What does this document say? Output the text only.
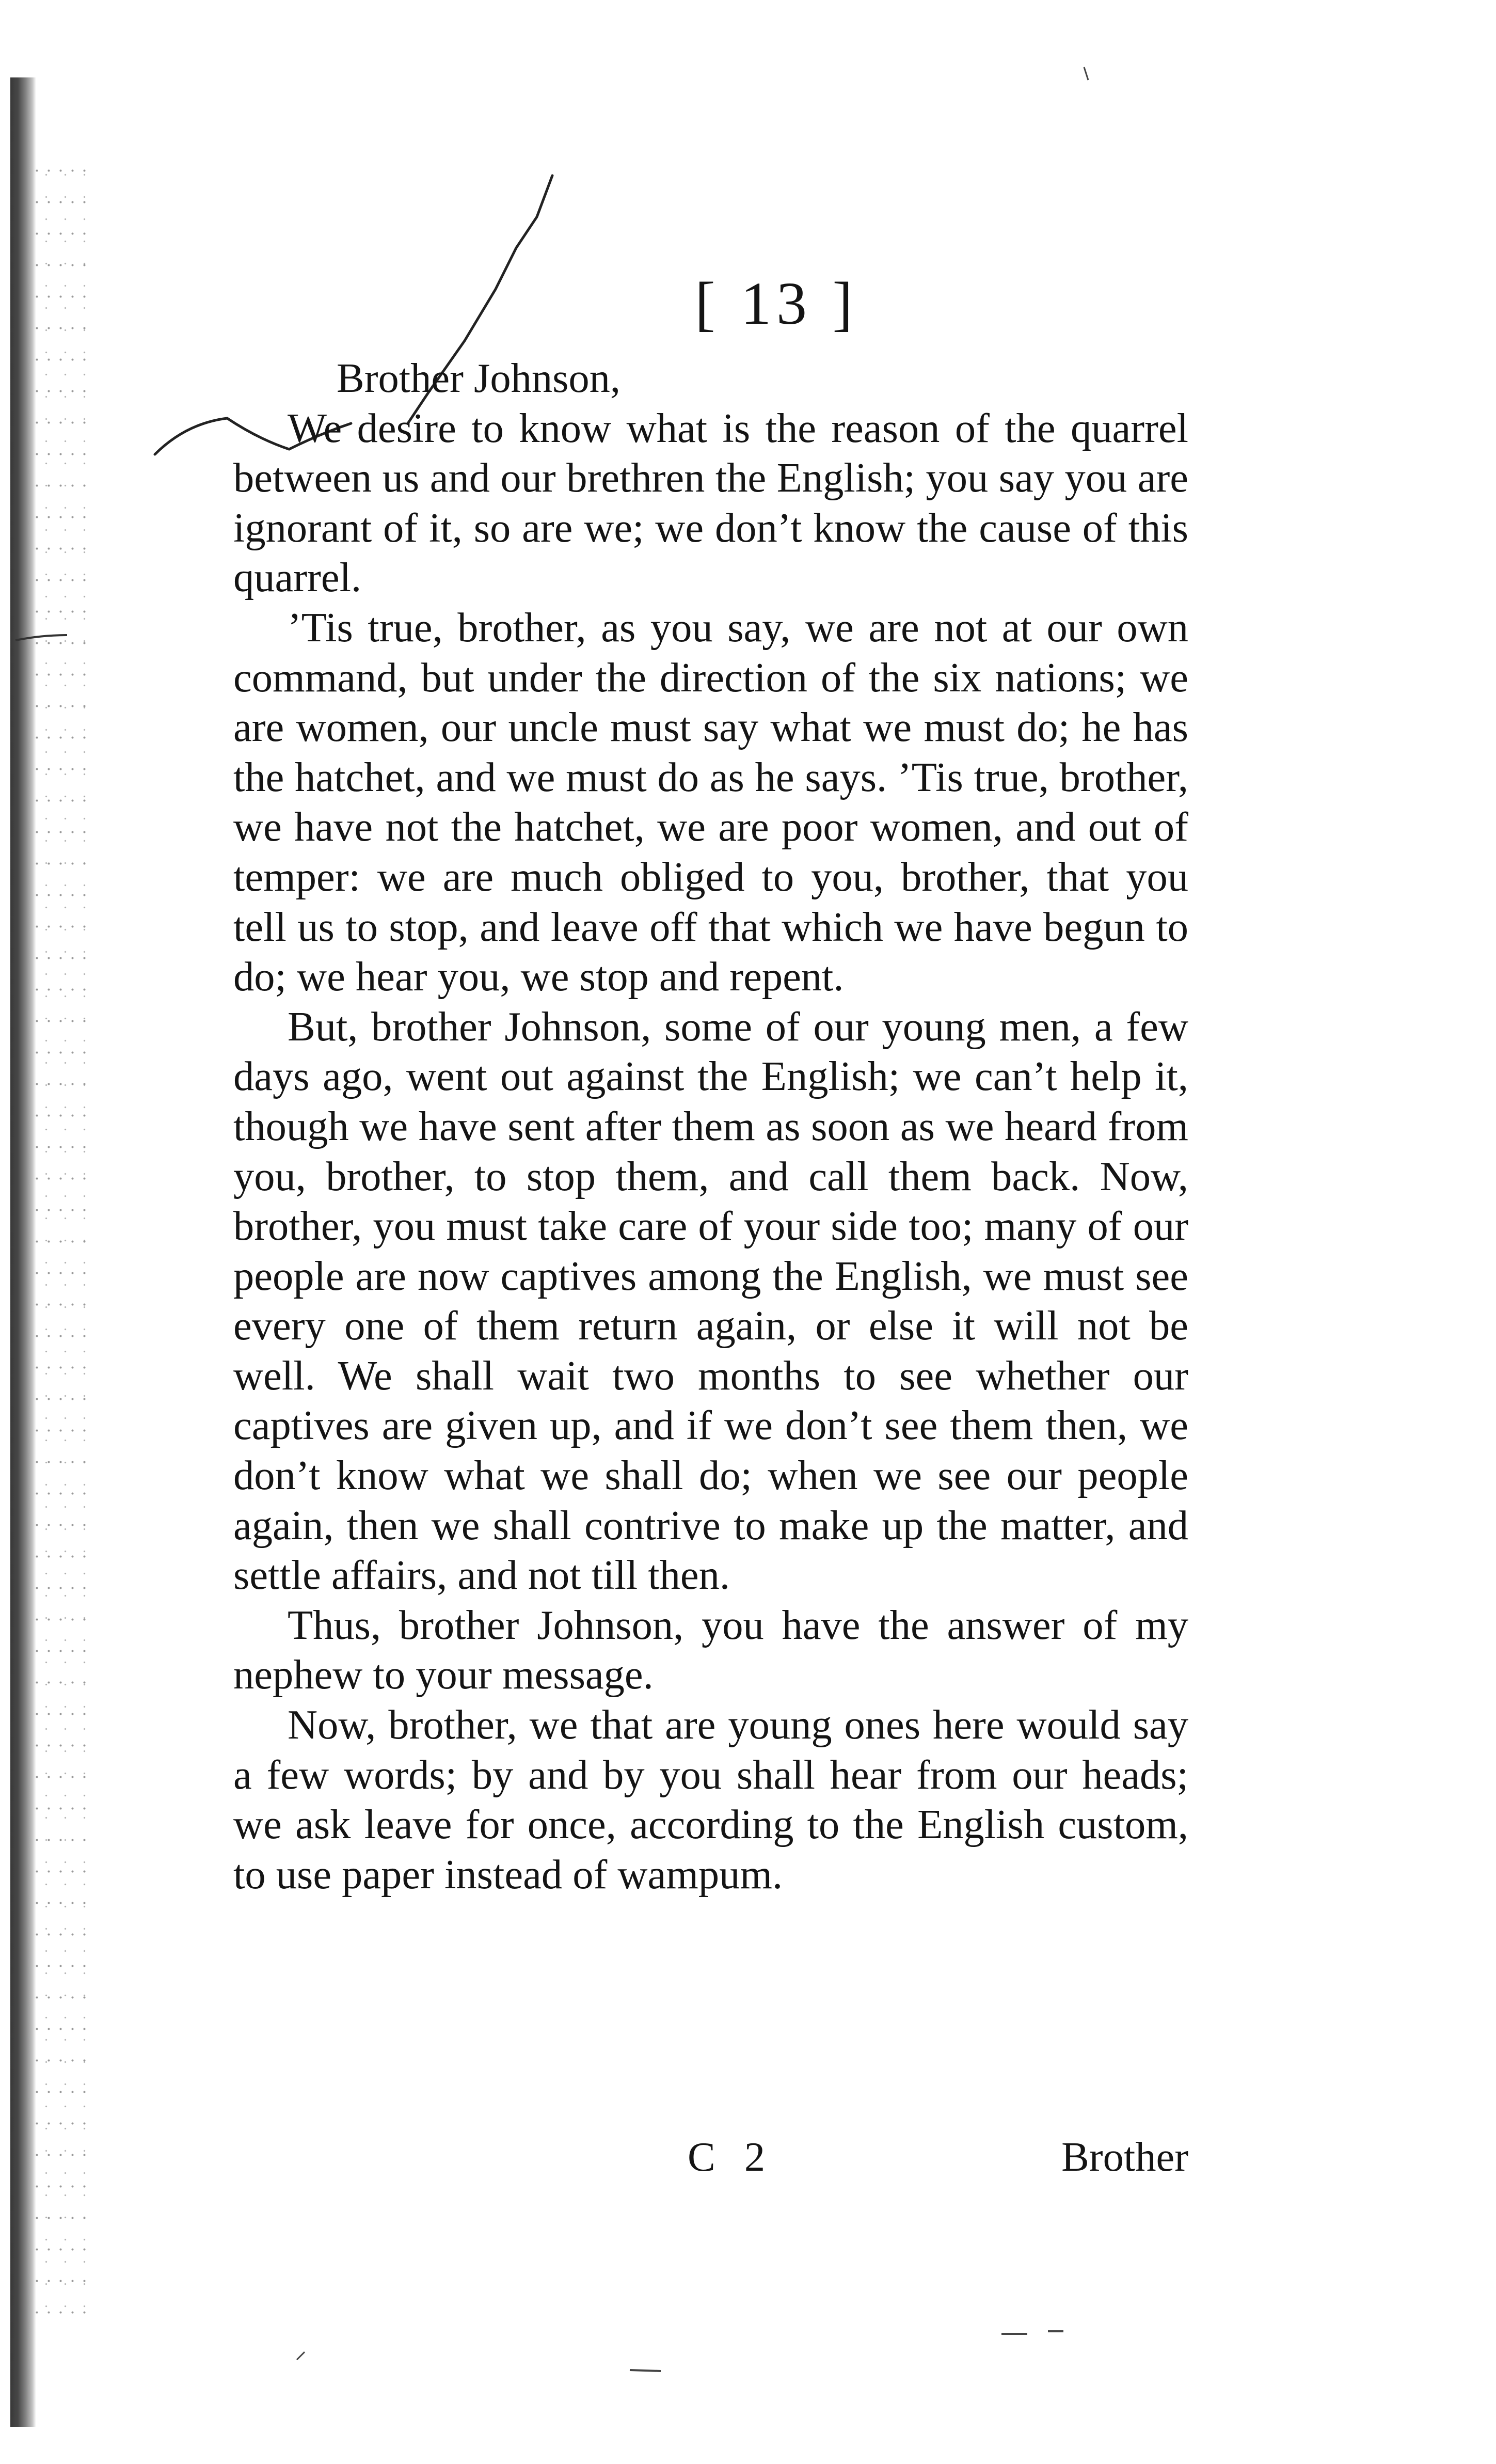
[ 13 ]

Brother Johnson,

We desire to know what is the reason of the quarrel between us and our brethren the English; you say you are ignorant of it, so are we; we don’t know the cause of this quarrel.

’Tis true, brother, as you say, we are not at our own command, but under the direction of the six nations; we are women, our uncle must say what we must do; he has the hatchet, and we must do as he says. ’Tis true, brother, we have not the hatchet, we are poor women, and out of temper: we are much obliged to you, brother, that you tell us to stop, and leave off that which we have begun to do; we hear you, we stop and repent.

But, brother Johnson, some of our young men, a few days ago, went out against the English; we can’t help it, though we have sent after them as soon as we heard from you, brother, to stop them, and call them back. Now, brother, you must take care of your side too; many of our people are now captives among the English, we must see every one of them return again, or else it will not be well. We shall wait two months to see whether our captives are given up, and if we don’t see them then, we don’t know what we shall do; when we see our people again, then we shall contrive to make up the matter, and settle affairs, and not till then.

Thus, brother Johnson, you have the answer of my nephew to your message.

Now, brother, we that are young ones here would say a few words; by and by you shall hear from our heads; we ask leave for once, according to the English custom, to use paper instead of wampum.

C 2	Brother
